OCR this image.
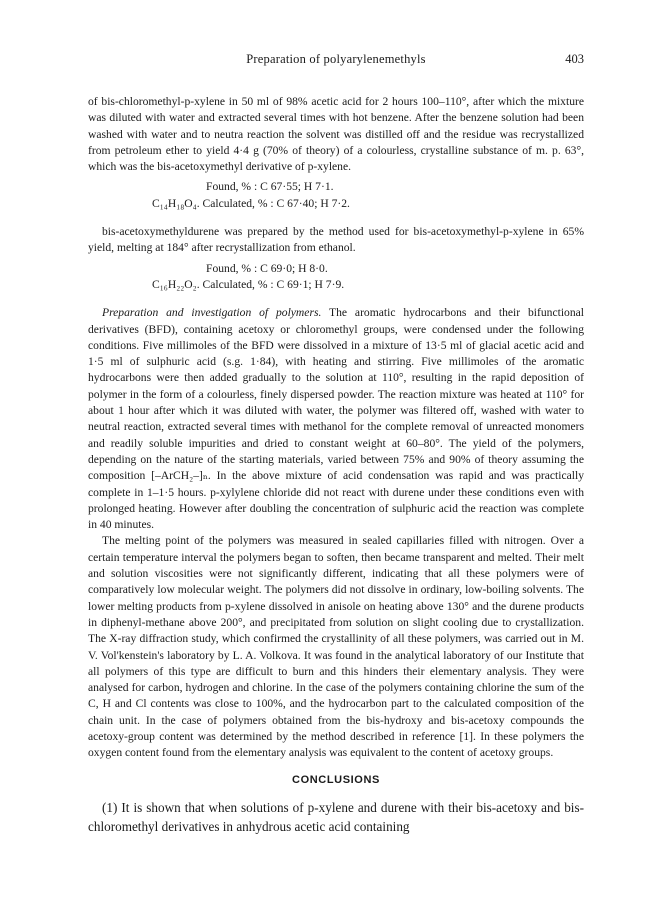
Preparation of polyarylenemethyls	403

of bis-chloromethyl-p-xylene in 50 ml of 98% acetic acid for 2 hours 100–110°, after which the mixture was diluted with water and extracted several times with hot benzene. After the benzene solution had been washed with water and to neutra reaction the solvent was distilled off and the residue was recrystallized from petroleum ether to yield 4·4 g (70% of theory) of a colourless, crystalline substance of m. p. 63°, which was the bis-acetoxymethyl derivative of p-xylene.

Found, % : C 67·55; H 7·1.
C₁₄H₁₈O₄. Calculated, % : C 67·40; H 7·2.

bis-acetoxymethyldurene was prepared by the method used for bis-acetoxymethyl-p-xylene in 65% yield, melting at 184° after recrystallization from ethanol.

Found, % : C 69·0; H 8·0.
C₁₆H₂₂O₂. Calculated, % : C 69·1; H 7·9.

Preparation and investigation of polymers. The aromatic hydrocarbons and their bifunctional derivatives (BFD), containing acetoxy or chloromethyl groups, were condensed under the following conditions. Five millimoles of the BFD were dissolved in a mixture of 13·5 ml of glacial acetic acid and 1·5 ml of sulphuric acid (s.g. 1·84), with heating and stirring. Five millimoles of the aromatic hydrocarbons were then added gradually to the solution at 110°, resulting in the rapid deposition of polymer in the form of a colourless, finely dispersed powder. The reaction mixture was heated at 110° for about 1 hour after which it was diluted with water, the polymer was filtered off, washed with water to neutral reaction, extracted several times with methanol for the complete removal of unreacted monomers and readily soluble impurities and dried to constant weight at 60–80°. The yield of the polymers, depending on the nature of the starting materials, varied between 75% and 90% of theory assuming the composition [–ArCH₂–]ₙ. In the above mixture of acid condensation was rapid and was practically complete in 1–1·5 hours. p-xylylene chloride did not react with durene under these conditions even with prolonged heating. However after doubling the concentration of sulphuric acid the reaction was complete in 40 minutes.

The melting point of the polymers was measured in sealed capillaries filled with nitrogen. Over a certain temperature interval the polymers began to soften, then became transparent and melted. Their melt and solution viscosities were not significantly different, indicating that all these polymers were of comparatively low molecular weight. The polymers did not dissolve in ordinary, low-boiling solvents. The lower melting products from p-xylene dissolved in anisole on heating above 130° and the durene products in diphenyl-methane above 200°, and precipitated from solution on slight cooling due to crystallization. The X-ray diffraction study, which confirmed the crystallinity of all these polymers, was carried out in M. V. Vol'kenstein's laboratory by L. A. Volkova. It was found in the analytical laboratory of our Institute that all polymers of this type are difficult to burn and this hinders their elementary analysis. They were analysed for carbon, hydrogen and chlorine. In the case of the polymers containing chlorine the sum of the C, H and Cl contents was close to 100%, and the hydrocarbon part to the calculated composition of the chain unit. In the case of polymers obtained from the bis-hydroxy and bis-acetoxy compounds the acetoxy-group content was determined by the method described in reference [1]. In these polymers the oxygen content found from the elementary analysis was equivalent to the content of acetoxy groups.

CONCLUSIONS

(1) It is shown that when solutions of p-xylene and durene with their bis-acetoxy and bis-chloromethyl derivatives in anhydrous acetic acid containing
